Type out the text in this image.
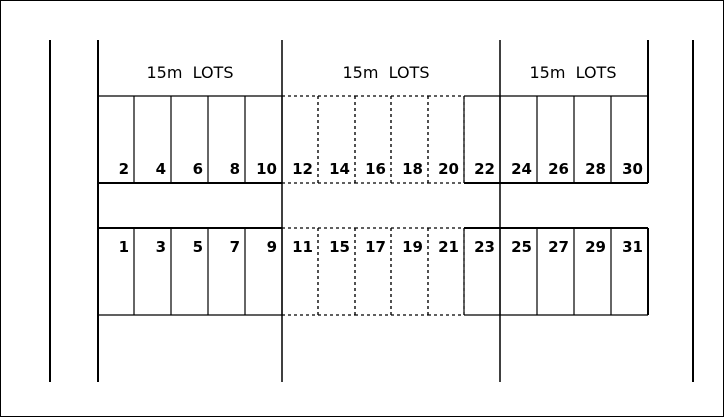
15m  LOTS	15m  LOTS	15m  LOTS
2 4 6 8 10 12 14 16 18 20 22 24 26 28 30
1 3 5 7 9 11 15 17 19 21 23 25 27 29 31
